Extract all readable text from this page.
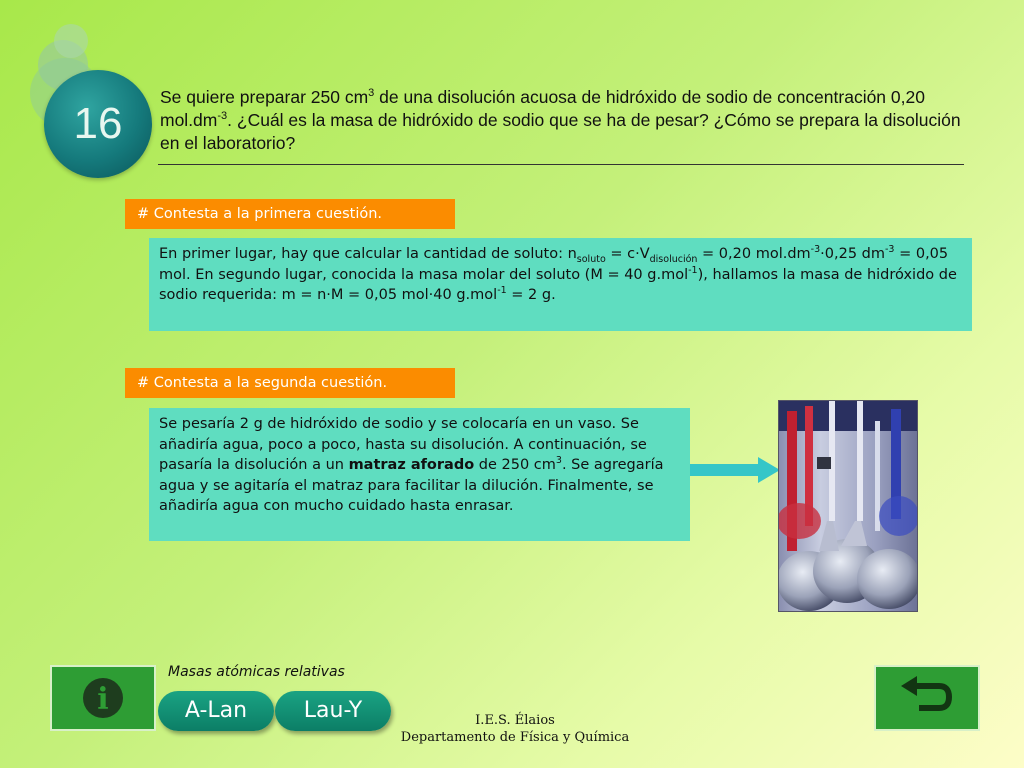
16
Se quiere preparar 250 $cm^3$ de una disolución acuosa de hidróxido de sodio de concentración 0,20 $mol.dm^{-3}$. ¿Cuál es la masa de hidróxido de sodio que se ha de pesar? ¿Cómo se prepara la disolución en el laboratorio?
# Contesta a la primera cuestión.
En primer lugar, hay que calcular la cantidad de soluto: $n_{soluto} = c\cdot V_{disolución} = 0,20$ $mol.dm^{-3}\cdot 0,25$ $dm^{-3} = 0,05$ mol. En segundo lugar, conocida la masa molar del soluto (M = 40 g.mol$^{-1}$), hallamos la masa de hidróxido de sodio requerida: m = n·M = 0,05 mol·40 g.mol$^{-1}$ = 2 g.
# Contesta a la segunda cuestión.
Se pesaría 2 g de hidróxido de sodio y se colocaría en un vaso. Se añadiría agua, poco a poco, hasta su disolución. A continuación, se pasaría la disolución a un matraz aforado de 250 $cm^3$. Se agregaría agua y se agitaría el matraz para facilitar la dilución. Finalmente, se añadiría agua con mucho cuidado hasta enrasar.
i
Masas atómicas relativas
A-Lan	Lau-Y	I.E.S. Élaios
Departamento de Física y Química
